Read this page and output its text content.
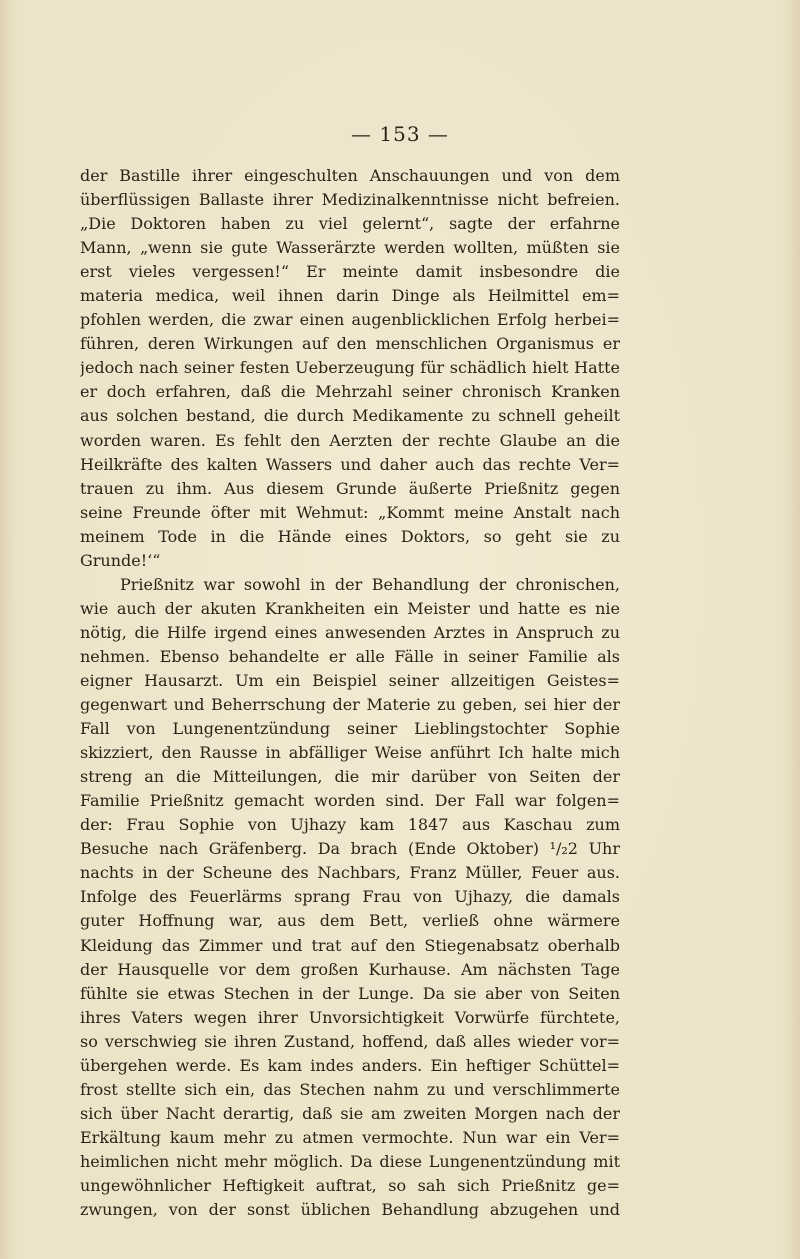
— 153 —
der Bastille ihrer eingeschulten Anschauungen und von dem
überflüssigen Ballaste ihrer Medizinalkenntnisse nicht befreien.
„Die Doktoren haben zu viel gelernt“, sagte der erfahrne
Mann, „wenn sie gute Wasserärzte werden wollten, müßten sie
erst vieles vergessen!“ Er meinte damit insbesondre die
materia medica, weil ihnen darin Dinge als Heilmittel em=
pfohlen werden, die zwar einen augenblicklichen Erfolg herbei=
führen, deren Wirkungen auf den menschlichen Organismus er
jedoch nach seiner festen Ueberzeugung für schädlich hielt Hatte
er doch erfahren, daß die Mehrzahl seiner chronisch Kranken
aus solchen bestand, die durch Medikamente zu schnell geheilt
worden waren. Es fehlt den Aerzten der rechte Glaube an die
Heilkräfte des kalten Wassers und daher auch das rechte Ver=
trauen zu ihm. Aus diesem Grunde äußerte Prießnitz gegen
seine Freunde öfter mit Wehmut: „Kommt meine Anstalt nach
meinem Tode in die Hände eines Doktors, so geht sie zu
Grunde!‘“
Prießnitz war sowohl in der Behandlung der chronischen,
wie auch der akuten Krankheiten ein Meister und hatte es nie
nötig, die Hilfe irgend eines anwesenden Arztes in Anspruch zu
nehmen. Ebenso behandelte er alle Fälle in seiner Familie als
eigner Hausarzt. Um ein Beispiel seiner allzeitigen Geistes=
gegenwart und Beherrschung der Materie zu geben, sei hier der
Fall von Lungenentzündung seiner Lieblingstochter Sophie
skizziert, den Rausse in abfälliger Weise anführt Ich halte mich
streng an die Mitteilungen, die mir darüber von Seiten der
Familie Prießnitz gemacht worden sind. Der Fall war folgen=
der: Frau Sophie von Ujhazy kam 1847 aus Kaschau zum
Besuche nach Gräfenberg. Da brach (Ende Oktober) ¹/₂2 Uhr
nachts in der Scheune des Nachbars, Franz Müller, Feuer aus.
Infolge des Feuerlärms sprang Frau von Ujhazy, die damals
guter Hoffnung war, aus dem Bett, verließ ohne wärmere
Kleidung das Zimmer und trat auf den Stiegenabsatz oberhalb
der Hausquelle vor dem großen Kurhause. Am nächsten Tage
fühlte sie etwas Stechen in der Lunge. Da sie aber von Seiten
ihres Vaters wegen ihrer Unvorsichtigkeit Vorwürfe fürchtete,
so verschwieg sie ihren Zustand, hoffend, daß alles wieder vor=
übergehen werde. Es kam indes anders. Ein heftiger Schüttel=
frost stellte sich ein, das Stechen nahm zu und verschlimmerte
sich über Nacht derartig, daß sie am zweiten Morgen nach der
Erkältung kaum mehr zu atmen vermochte. Nun war ein Ver=
heimlichen nicht mehr möglich. Da diese Lungenentzündung mit
ungewöhnlicher Heftigkeit auftrat, so sah sich Prießnitz ge=
zwungen, von der sonst üblichen Behandlung abzugehen und
